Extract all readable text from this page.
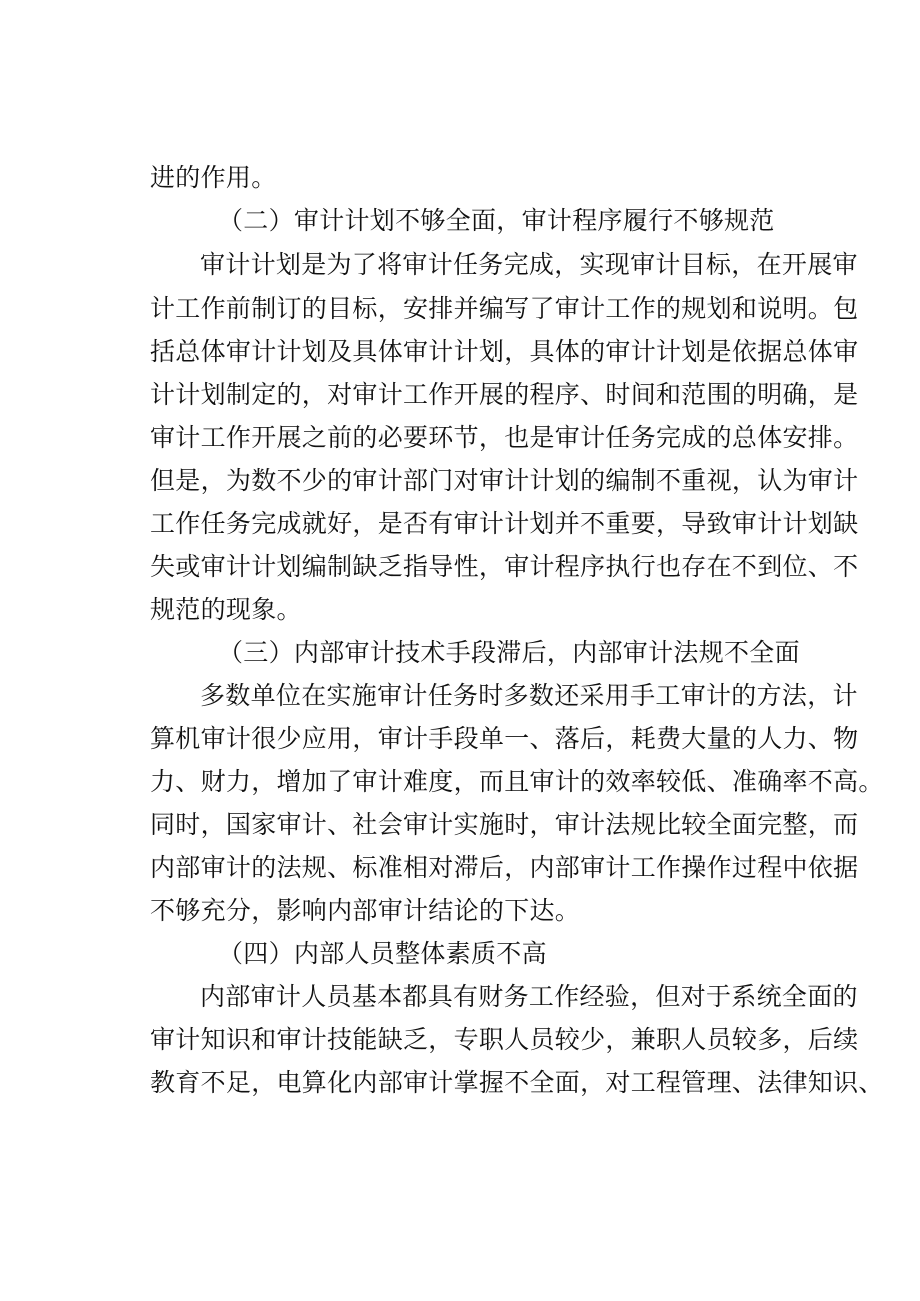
进的作用。
（二）审计计划不够全面，审计程序履行不够规范
审计计划是为了将审计任务完成，实现审计目标，在开展审
计工作前制订的目标，安排并编写了审计工作的规划和说明。包
括总体审计计划及具体审计计划，具体的审计计划是依据总体审
计计划制定的，对审计工作开展的程序、时间和范围的明确，是
审计工作开展之前的必要环节，也是审计任务完成的总体安排。
但是，为数不少的审计部门对审计计划的编制不重视，认为审计
工作任务完成就好，是否有审计计划并不重要，导致审计计划缺
失或审计计划编制缺乏指导性，审计程序执行也存在不到位、不
规范的现象。
（三）内部审计技术手段滞后，内部审计法规不全面
多数单位在实施审计任务时多数还采用手工审计的方法，计
算机审计很少应用，审计手段单一、落后，耗费大量的人力、物
力、财力，增加了审计难度，而且审计的效率较低、准确率不高。
同时，国家审计、社会审计实施时，审计法规比较全面完整，而
内部审计的法规、标准相对滞后，内部审计工作操作过程中依据
不够充分，影响内部审计结论的下达。
（四）内部人员整体素质不高
内部审计人员基本都具有财务工作经验，但对于系统全面的
审计知识和审计技能缺乏，专职人员较少，兼职人员较多，后续
教育不足，电算化内部审计掌握不全面，对工程管理、法律知识、
